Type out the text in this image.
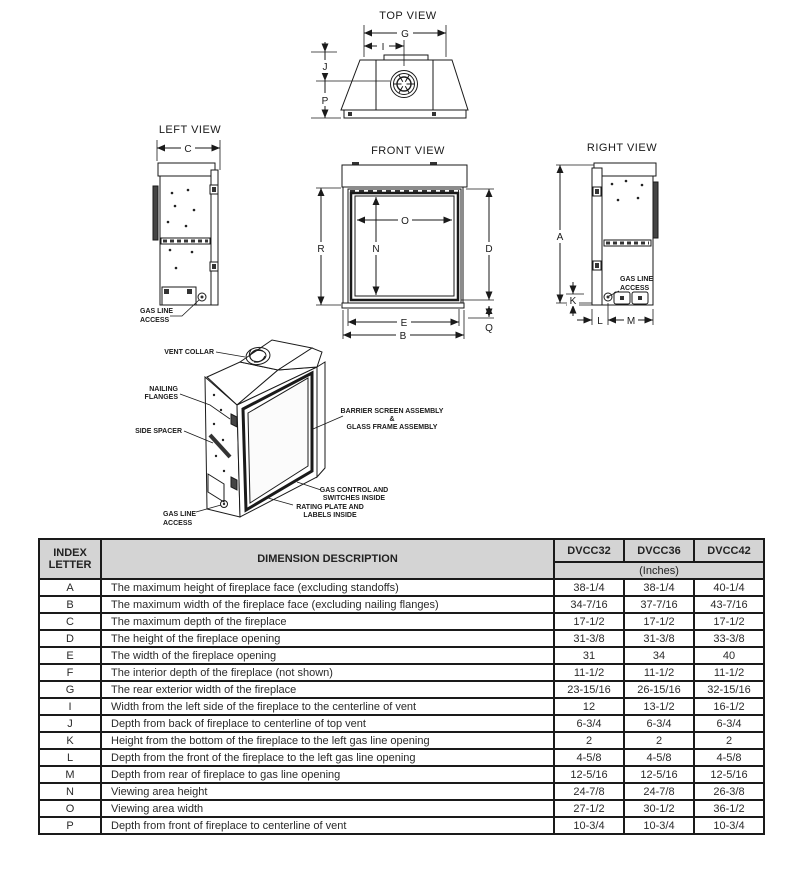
TOP VIEW
G
I
J
P
LEFT VIEW
C
GAS LINE
ACCESS
FRONT VIEW
R	N
O
D
Q
E
B
RIGHT VIEW
A
GAS LINE
ACCESS
K
L M
VENT COLLAR
NAILING
FLANGES
SIDE SPACER
GAS LINE
ACCESS
BARRIER SCREEN ASSEMBLY
&
GLASS FRAME ASSEMBLY
GAS CONTROL AND
SWITCHES INSIDE
RATING PLATE AND
LABELS INSIDE
INDEX LETTER	DIMENSION DESCRIPTION	DVCC32	DVCC36	DVCC42
		(Inches)		
A	The maximum height of fireplace face (excluding standoffs)	38-1/4	38-1/4	40-1/4
B	The maximum width of the fireplace face (excluding nailing flanges)	34-7/16	37-7/16	43-7/16
C	The maximum depth of the fireplace	17-1/2	17-1/2	17-1/2
D	The height of the fireplace opening	31-3/8	31-3/8	33-3/8
E	The width of the fireplace opening	31	34	40
F	The interior depth of the fireplace (not shown)	11-1/2	11-1/2	11-1/2
G	The rear exterior width of the fireplace	23-15/16	26-15/16	32-15/16
I	Width from the left side of the fireplace to the centerline of vent	12	13-1/2	16-1/2
J	Depth from back of fireplace to centerline of top vent	6-3/4	6-3/4	6-3/4
K	Height from the bottom of the fireplace to the left gas line opening	2	2	2
L	Depth from the front of the fireplace to the left gas line opening	4-5/8	4-5/8	4-5/8
M	Depth from rear of fireplace to gas line opening	12-5/16	12-5/16	12-5/16
N	Viewing area height	24-7/8	24-7/8	26-3/8
O	Viewing area width	27-1/2	30-1/2	36-1/2
P	Depth from front of fireplace to centerline of vent	10-3/4	10-3/4	10-3/4
